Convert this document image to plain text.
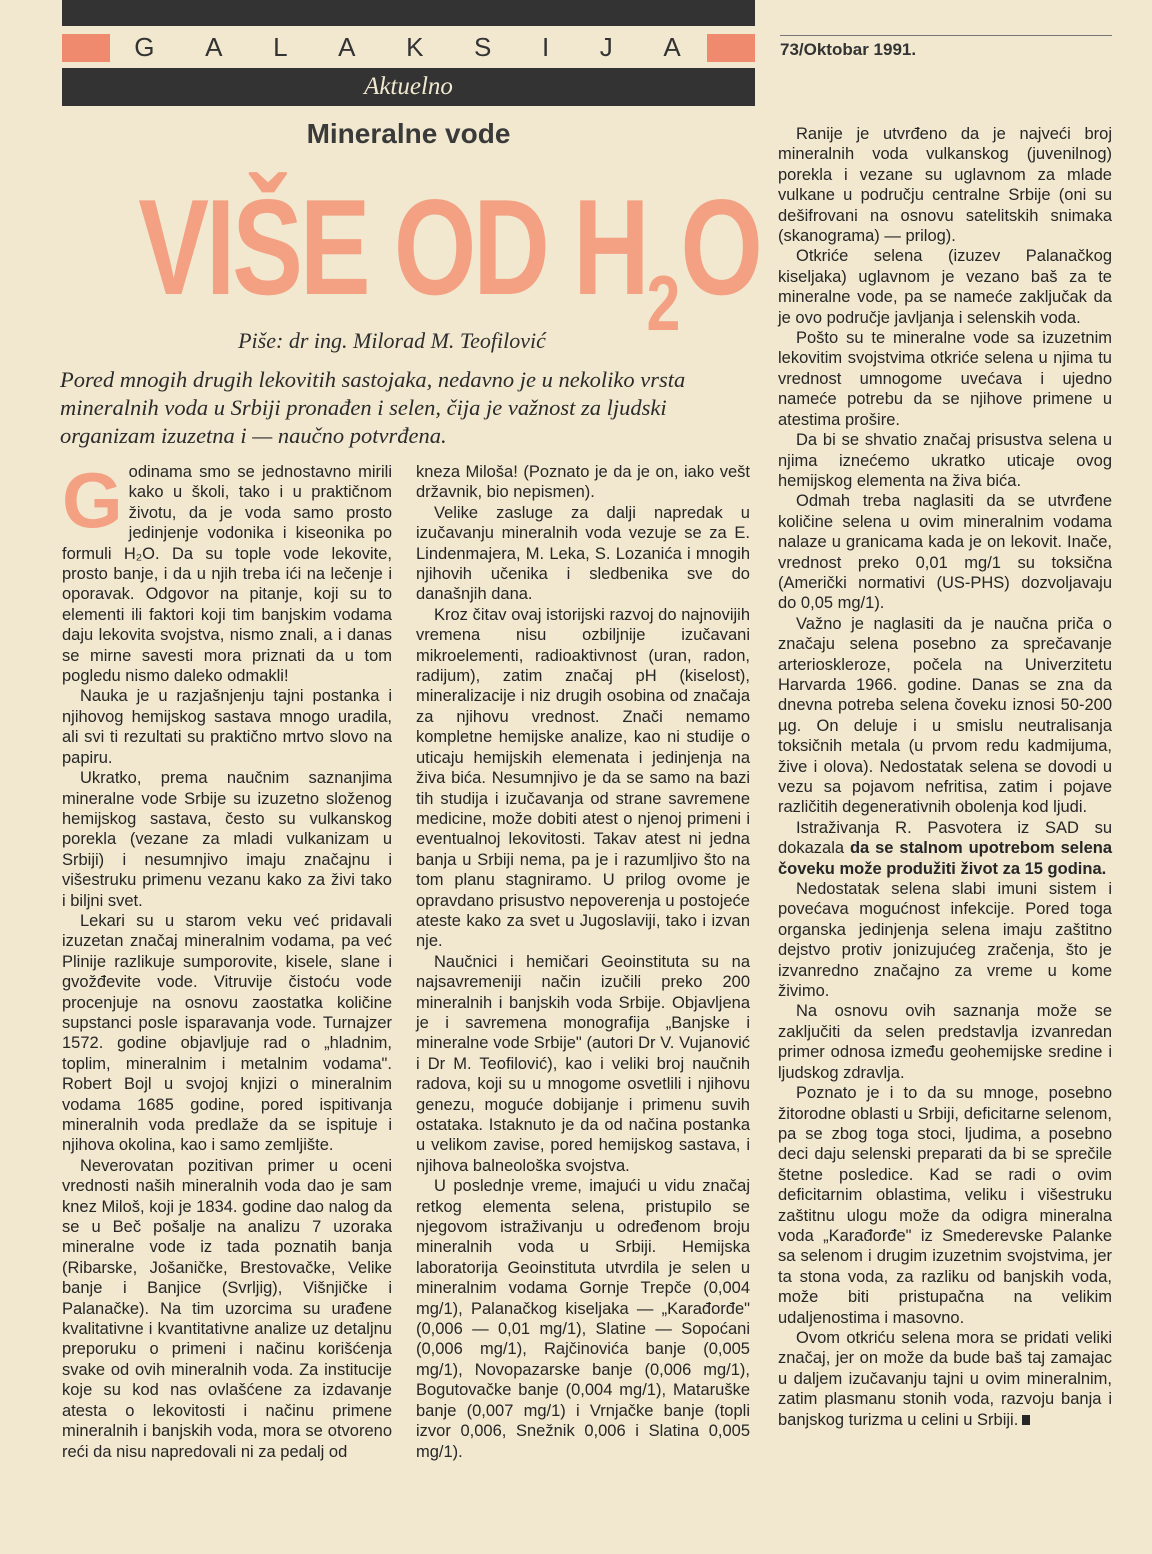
G A L A K S I J A	73/Oktobar 1991.
Aktuelno
Mineralne vode
VIŠE OD $H_2O$
Piše: dr ing. Milorad M. Teofilović

Pored mnogih drugih lekovitih sastojaka, nedavno je u nekoliko vrsta mineralnih voda u Srbiji pronađen i selen, čija je važnost za ljudski organizam izuzetna i — naučno potvrđena.

Godinama smo se jednostavno mirili kako u školi, tako i u praktičnom životu, da je voda samo prosto jedinjenje vodonika i kiseonika po formuli H₂O. Da su tople vode lekovite, prosto banje, i da u njih treba ići na lečenje i oporavak. Odgovor na pitanje, koji su to elementi ili faktori koji tim banjskim vodama daju lekovita svojstva, nismo znali, a i danas se mirne savesti mora priznati da u tom pogledu nismo daleko odmakli!

Nauka je u razjašnjenju tajni postanka i njihovog hemijskog sastava mnogo uradila, ali svi ti rezultati su praktično mrtvo slovo na papiru.

Ukratko, prema naučnim saznanjima mineralne vode Srbije su izuzetno složenog hemijskog sastava, često su vulkanskog porekla (vezane za mladi vulkanizam u Srbiji) i nesumnjivo imaju značajnu i višestruku primenu vezanu kako za živi tako i biljni svet.

Lekari su u starom veku već pridavali izuzetan značaj mineralnim vodama, pa već Plinije razlikuje sumporovite, kisele, slane i gvožđevite vode. Vitruvije čistoću vode procenjuje na osnovu zaostatka količine supstanci posle isparavanja vode. Turnajzer 1572. godine objavljuje rad o „hladnim, toplim, mineralnim i metalnim vodama". Robert Bojl u svojoj knjizi o mineralnim vodama 1685 godine, pored ispitivanja mineralnih voda predlaže da se ispituje i njihova okolina, kao i samo zemljište.

Neverovatan pozitivan primer u oceni vrednosti naših mineralnih voda dao je sam knez Miloš, koji je 1834. godine dao nalog da se u Beč pošalje na analizu 7 uzoraka mineralne vode iz tada poznatih banja (Ribarske, Jošaničke, Brestovačke, Velike banje i Banjice (Svrljig), Višnjičke i Palanačke). Na tim uzorcima su urađene kvalitativne i kvantitativne analize uz detaljnu preporuku o primeni i načinu korišćenja svake od ovih mineralnih voda. Za institucije koje su kod nas ovlašćene za izdavanje atesta o lekovitosti i načinu primene mineralnih i banjskih voda, mora se otvoreno reći da nisu napredovali ni za pedalj od

kneza Miloša! (Poznato je da je on, iako vešt državnik, bio nepismen).

Velike zasluge za dalji napredak u izučavanju mineralnih voda vezuje se za E. Lindenmajera, M. Leka, S. Lozanića i mnogih njihovih učenika i sledbenika sve do današnjih dana.

Kroz čitav ovaj istorijski razvoj do najnovijih vremena nisu ozbiljnije izučavani mikroelementi, radioaktivnost (uran, radon, radijum), zatim značaj pH (kiselost), mineralizacije i niz drugih osobina od značaja za njihovu vrednost. Znači nemamo kompletne hemijske analize, kao ni studije o uticaju hemijskih elemenata i jedinjenja na živa bića. Nesumnjivo je da se samo na bazi tih studija i izučavanja od strane savremene medicine, može dobiti atest o njenoj primeni i eventualnoj lekovitosti. Takav atest ni jedna banja u Srbiji nema, pa je i razumljivo što na tom planu stagniramo. U prilog ovome je opravdano prisustvo nepoverenja u postojeće ateste kako za svet u Jugoslaviji, tako i izvan nje.

Naučnici i hemičari Geoinstituta su na najsavremeniji način izučili preko 200 mineralnih i banjskih voda Srbije. Objavljena je i savremena monografija „Banjske i mineralne vode Srbije" (autori Dr V. Vujanović i Dr M. Teofilović), kao i veliki broj naučnih radova, koji su u mnogome osvetlili i njihovu genezu, moguće dobijanje i primenu suvih ostataka. Istaknuto je da od načina postanka u velikom zavise, pored hemijskog sastava, i njihova balneološka svojstva.

U poslednje vreme, imajući u vidu značaj retkog elementa selena, pristupilo se njegovom istraživanju u određenom broju mineralnih voda u Srbiji. Hemijska laboratorija Geoinstituta utvrdila je selen u mineralnim vodama Gornje Trepče (0,004 mg/1), Palanačkog kiseljaka — „Karađorđe" (0,006 — 0,01 mg/1), Slatine — Sopoćani (0,006 mg/1), Rajčinovića banje (0,005 mg/1), Novopazarske banje (0,006 mg/1), Bogutovačke banje (0,004 mg/1), Mataruške banje (0,007 mg/1) i Vrnjačke banje (topli izvor 0,006, Snežnik 0,006 i Slatina 0,005 mg/1).

Ranije je utvrđeno da je najveći broj mineralnih voda vulkanskog (juvenilnog) porekla i vezane su uglavnom za mlade vulkane u području centralne Srbije (oni su dešifrovani na osnovu satelitskih snimaka (skanograma) — prilog).

Otkriće selena (izuzev Palanačkog kiseljaka) uglavnom je vezano baš za te mineralne vode, pa se nameće zaključak da je ovo područje javljanja i selenskih voda.

Pošto su te mineralne vode sa izuzetnim lekovitim svojstvima otkriće selena u njima tu vrednost umnogome uvećava i ujedno nameće potrebu da se njihove primene u atestima prošire.

Da bi se shvatio značaj prisustva selena u njima iznećemo ukratko uticaje ovog hemijskog elementa na živa bića.

Odmah treba naglasiti da se utvrđene količine selena u ovim mineralnim vodama nalaze u granicama kada je on lekovit. Inače, vrednost preko 0,01 mg/1 su toksična (Američki normativi (US-PHS) dozvoljavaju do 0,05 mg/1).

Važno je naglasiti da je naučna priča o značaju selena posebno za sprečavanje arterioskleroze, počela na Univerzitetu Harvarda 1966. godine. Danas se zna da dnevna potreba selena čoveku iznosi 50-200 µg. On deluje i u smislu neutralisanja toksičnih metala (u prvom redu kadmijuma, žive i olova). Nedostatak selena se dovodi u vezu sa pojavom nefritisa, zatim i pojave različitih degenerativnih obolenja kod ljudi.

Istraživanja R. Pasvotera iz SAD su dokazala da se stalnom upotrebom selena čoveku može produžiti život za 15 godina.

Nedostatak selena slabi imuni sistem i povećava mogućnost infekcije. Pored toga organska jedinjenja selena imaju zaštitno dejstvo protiv jonizujućeg zračenja, što je izvanredno značajno za vreme u kome živimo.

Na osnovu ovih saznanja može se zaključiti da selen predstavlja izvanredan primer odnosa između geohemijske sredine i ljudskog zdravlja.

Poznato je i to da su mnoge, posebno žitorodne oblasti u Srbiji, deficitarne selenom, pa se zbog toga stoci, ljudima, a posebno deci daju selenski preparati da bi se sprečile štetne posledice. Kad se radi o ovim deficitarnim oblastima, veliku i višestruku zaštitnu ulogu može da odigra mineralna voda „Karađorđe" iz Smederevske Palanke sa selenom i drugim izuzetnim svojstvima, jer ta stona voda, za razliku od banjskih voda, može biti pristupačna na velikim udaljenostima i masovno.

Ovom otkriću selena mora se pridati veliki značaj, jer on može da bude baš taj zamajac u daljem izučavanju tajni u ovim mineralnim, zatim plasmanu stonih voda, razvoju banja i banjskog turizma u celini u Srbiji.
